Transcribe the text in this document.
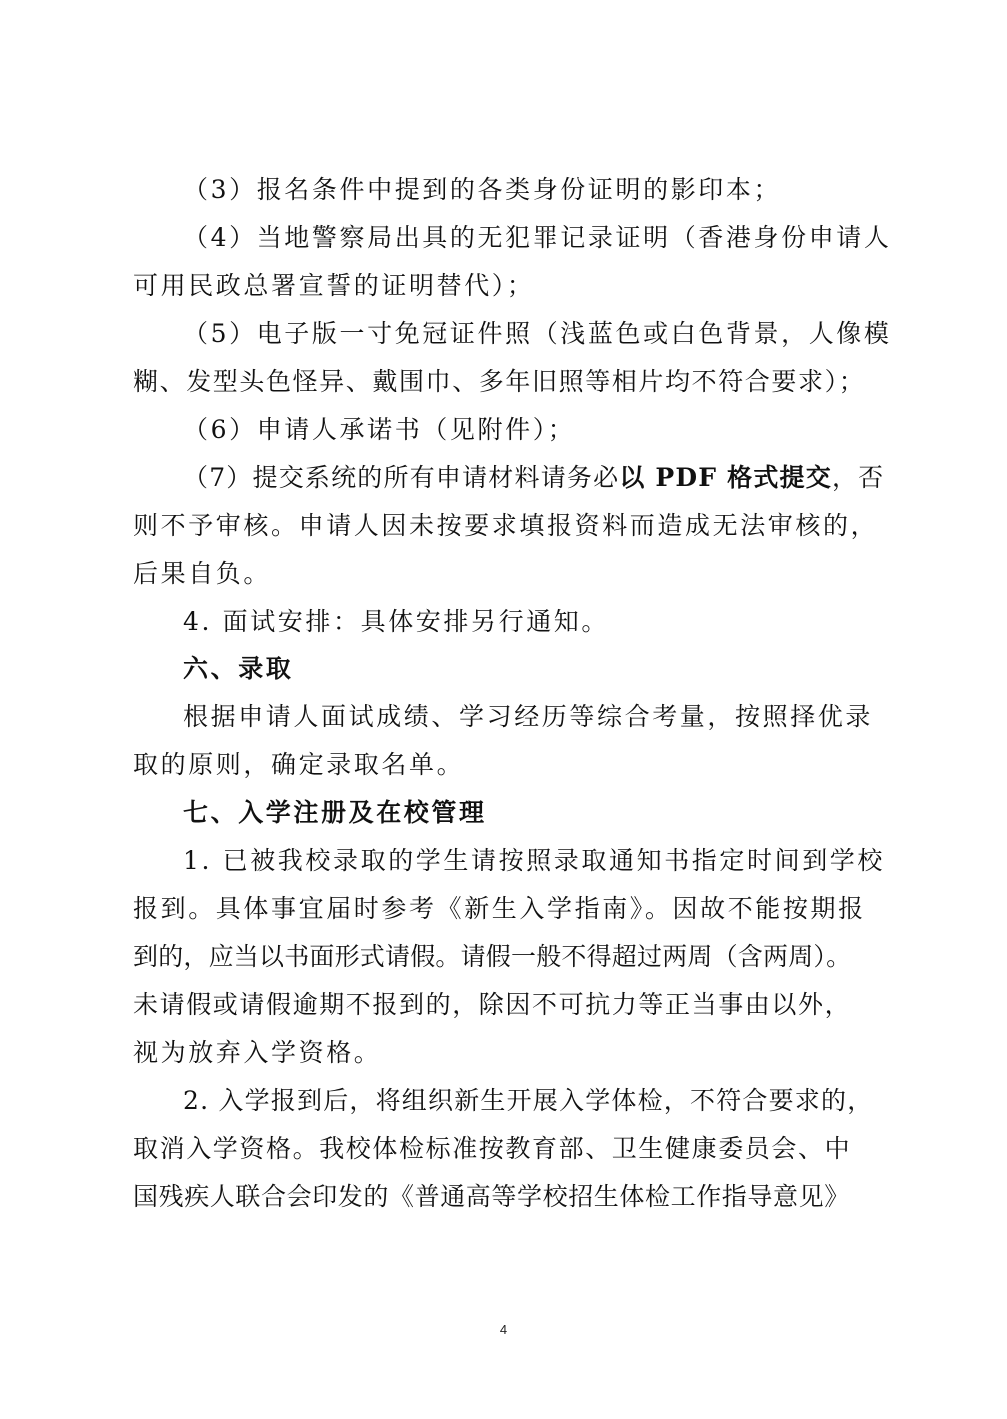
（3）报名条件中提到的各类身份证明的影印本；
（4）当地警察局出具的无犯罪记录证明（香港身份申请人
可用民政总署宣誓的证明替代）；
（5）电子版一寸免冠证件照（浅蓝色或白色背景，人像模
糊、发型头色怪异、戴围巾、多年旧照等相片均不符合要求）；
（6）申请人承诺书（见附件）；
（7）提交系统的所有申请材料请务必以 PDF 格式提交，否
则不予审核。申请人因未按要求填报资料而造成无法审核的，
后果自负。
4. 面试安排：具体安排另行通知。
六、录取
根据申请人面试成绩、学习经历等综合考量，按照择优录
取的原则，确定录取名单。
七、入学注册及在校管理
1. 已被我校录取的学生请按照录取通知书指定时间到学校
报到。具体事宜届时参考《新生入学指南》。因故不能按期报
到的，应当以书面形式请假。请假一般不得超过两周（含两周）。
未请假或请假逾期不报到的，除因不可抗力等正当事由以外，
视为放弃入学资格。
2. 入学报到后，将组织新生开展入学体检，不符合要求的，
取消入学资格。我校体检标准按教育部、卫生健康委员会、中
国残疾人联合会印发的《普通高等学校招生体检工作指导意见》
4
